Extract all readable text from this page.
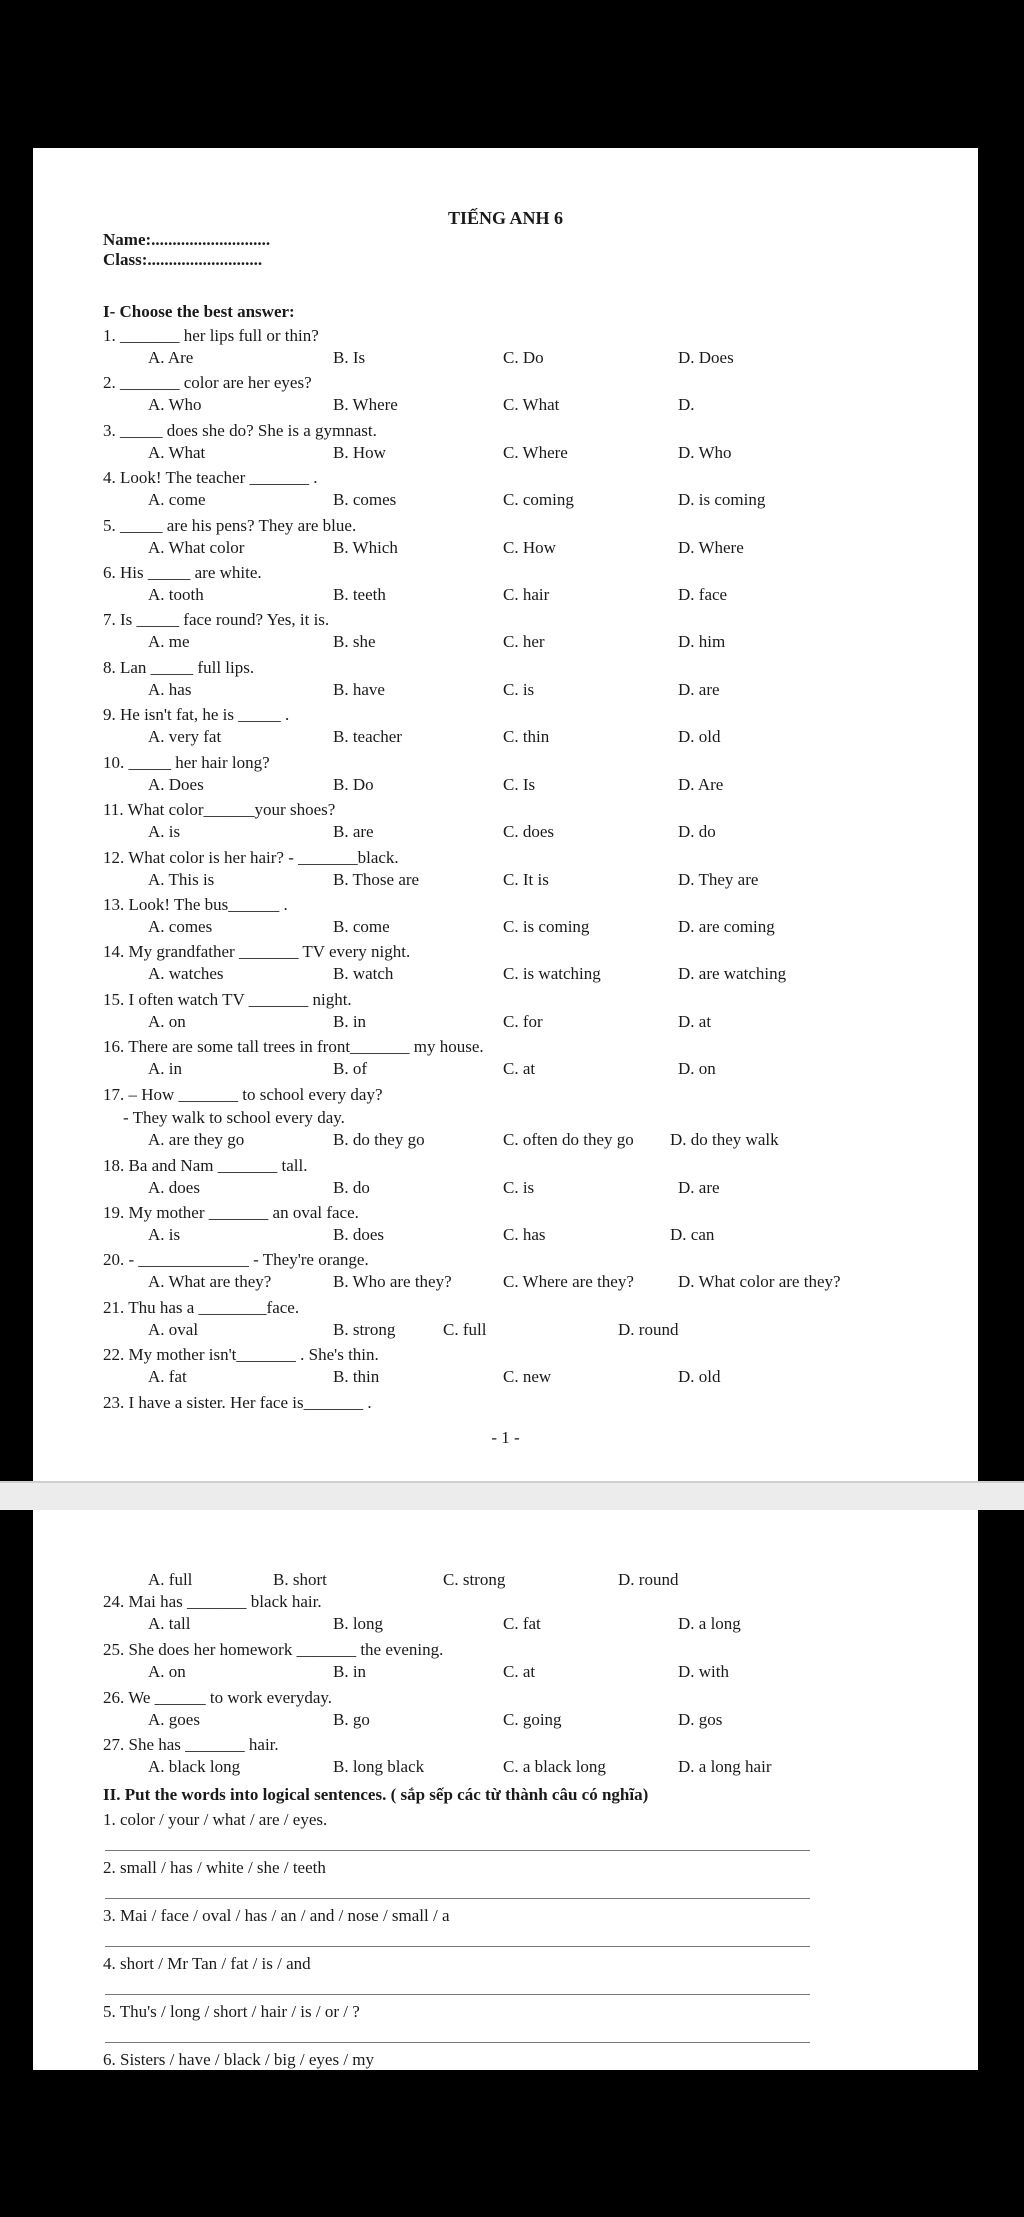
TIẾNG ANH 6
Name:............................
Class:...........................
I- Choose the best answer:
1. _______ her lips full or thin?
A. Are	B. Is	C. Do	D. Does
2. _______ color are her eyes?
A. Who	B. Where	C. What	D.
3. _____ does she do? She is a gymnast.
A. What	B. How	C. Where	D. Who
4. Look! The teacher _______ .
A. come	B. comes	C. coming	D. is coming
5. _____ are his pens? They are blue.
A. What color	B. Which	C. How	D. Where
6. His _____ are white.
A. tooth	B. teeth	C. hair	D. face
7. Is _____ face round? Yes, it is.
A. me	B. she	C. her	D. him
8. Lan _____ full lips.
A. has	B. have	C. is	D. are
9. He isn't fat, he is _____ .
A. very fat	B. teacher	C. thin	D. old
10. _____ her hair long?
A. Does	B. Do	C. Is	D. Are
11. What color______your shoes?
A. is	B. are	C. does	D. do
12. What color is her hair? - _______black.
A. This is	B. Those are	C. It is	D. They are
13. Look! The bus______ .
A. comes	B. come	C. is coming	D. are coming
14. My grandfather _______ TV every night.
A. watches	B. watch	C. is watching	D. are watching
15. I often watch TV _______ night.
A. on	B. in	C. for	D. at
16. There are some tall trees in front_______ my house.
A. in	B. of	C. at	D. on
17. – How _______ to school every day?
- They walk to school every day.
A. are they go	B. do they go	C. often do they go D. do they walk
18. Ba and Nam _______ tall.
A. does	B. do	C. is	D. are
19. My mother _______ an oval face.
A. is	B. does	C. has	D. can
20. - _____________ - They're orange.
A. What are they?	B. Who are they?	C. Where are they?	D. What color are they?
21. Thu has a ________face.
A. oval	B. strong	C. full	D. round
22. My mother isn't_______ . She's thin.
A. fat	B. thin	C. new	D. old
23. I have a sister. Her face is_______ .
- 1 -
A. full	B. short	C. strong	D. round
24. Mai has _______ black hair.
A. tall	B. long	C. fat	D. a long
25. She does her homework _______ the evening.
A. on	B. in	C. at	D. with
26. We ______ to work everyday.
A. goes	B. go	C. going	D. gos
27. She has _______ hair.
A. black long	B. long black	C. a black long	D. a long hair
II. Put the words into logical sentences. ( sắp sếp các từ thành câu có nghĩa)
1. color / your / what / are / eyes.
2. small / has / white / she / teeth
3. Mai / face / oval / has / an / and / nose / small / a
4. short / Mr Tan / fat / is / and
5. Thu's / long / short / hair / is / or / ?
6. Sisters / have / black / big / eyes / my
